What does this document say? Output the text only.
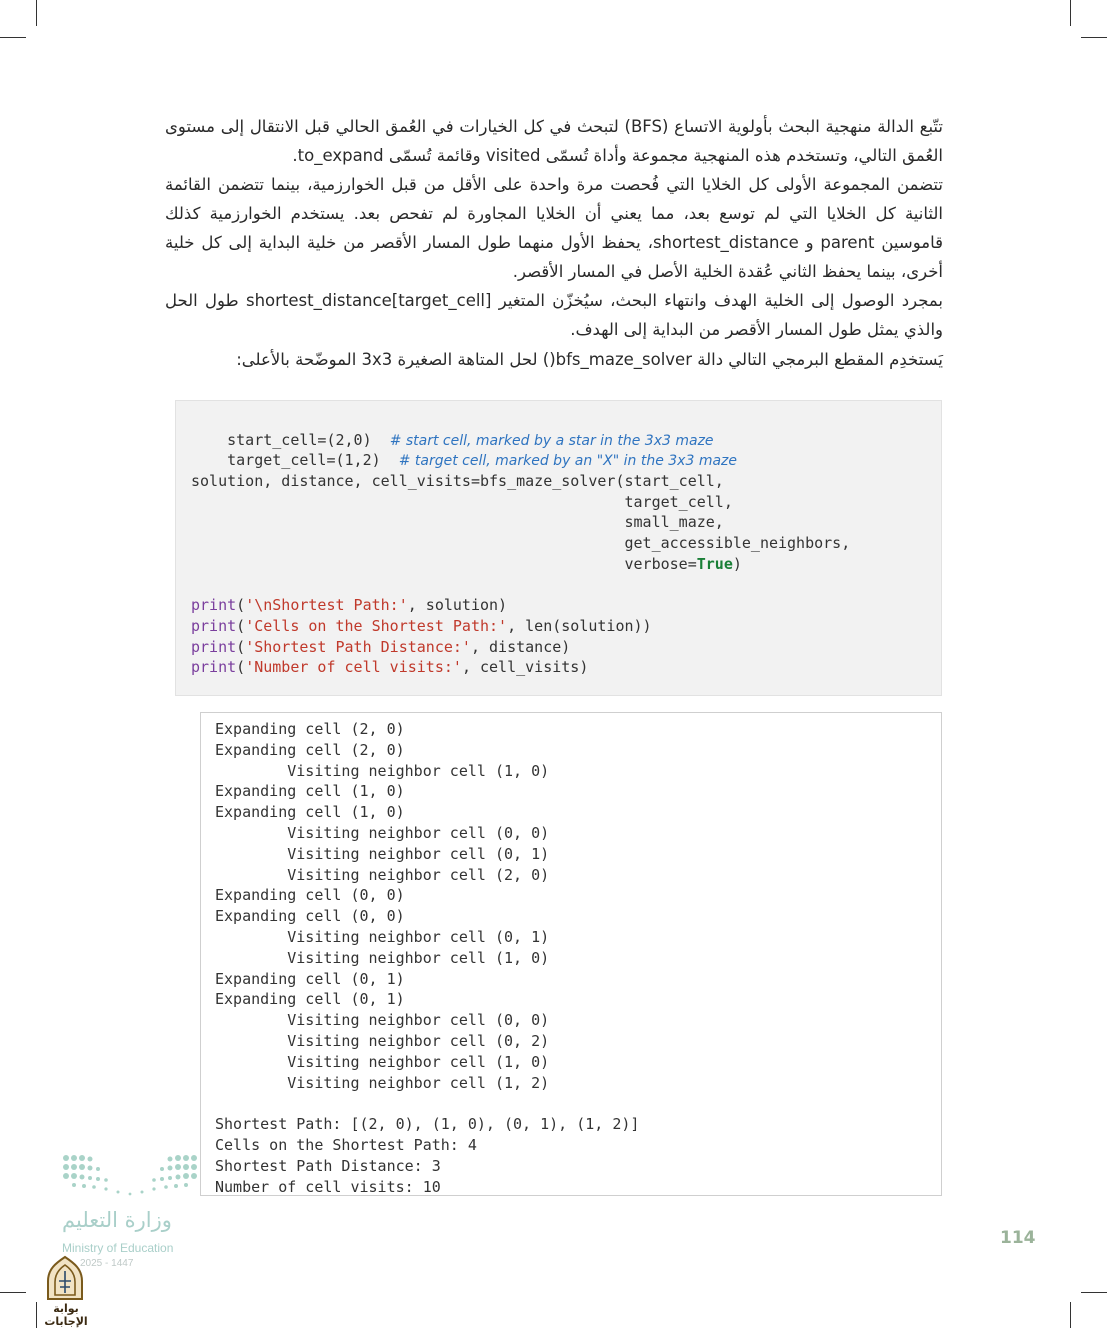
تتّبع الدالة منهجية البحث بأولوية الاتساع (BFS) لتبحث في كل الخيارات في العُمق الحالي قبل الانتقال إلى مستوى العُمق التالي، وتستخدم هذه المنهجية مجموعة وأداة تُسمّى visited وقائمة تُسمّى to_expand.

تتضمن المجموعة الأولى كل الخلايا التي فُحصت مرة واحدة على الأقل من قبل الخوارزمية، بينما تتضمن القائمة الثانية كل الخلايا التي لم توسع بعد، مما يعني أن الخلايا المجاورة لم تفحص بعد. يستخدم الخوارزمية كذلك قاموسين parent و shortest_distance، يحفظ الأول منهما طول المسار الأقصر من خلية البداية إلى كل خلية أخرى، بينما يحفظ الثاني عُقدة الخلية الأصل في المسار الأقصر.

بمجرد الوصول إلى الخلية الهدف وانتهاء البحث، سيُخزّن المتغير shortest_distance[target_cell] طول الحل والذي يمثل طول المسار الأقصر من البداية إلى الهدف.

يَستخدِم المقطع البرمجي التالي دالة bfs_maze_solver() لحل المتاهة الصغيرة 3x3 الموضّحة بالأعلى:

start_cell=(2,0) # start cell, marked by a star in the 3x3 maze

target_cell=(1,2) # target cell, marked by an "X" in the 3x3 maze

solution, distance, cell_visits=bfs_maze_solver(start_cell,
target_cell,
small_maze,
get_accessible_neighbors,
verbose=True)
print('\nShortest Path:', solution)
print('Cells on the Shortest Path:', len(solution))
print('Shortest Path Distance:', distance)
print('Number of cell visits:', cell_visits)
Expanding cell (2, 0)
Expanding cell (2, 0)
Visiting neighbor cell (1, 0)
Expanding cell (1, 0)
Expanding cell (1, 0)
Visiting neighbor cell (0, 0)
Visiting neighbor cell (0, 1)
Visiting neighbor cell (2, 0)
Expanding cell (0, 0)
Expanding cell (0, 0)
Visiting neighbor cell (0, 1)
Visiting neighbor cell (1, 0)
Expanding cell (0, 1)
Expanding cell (0, 1)
Visiting neighbor cell (0, 0)
Visiting neighbor cell (0, 2)
Visiting neighbor cell (1, 0)
Visiting neighbor cell (1, 2)
Shortest Path: [(2, 0), (1, 0), (0, 1), (1, 2)]
Cells on the Shortest Path: 4
Shortest Path Distance: 3
Number of cell visits: 10
114
وزارة التعليم
Ministry of Education
2025 - 1447
بوابة الإجابات
